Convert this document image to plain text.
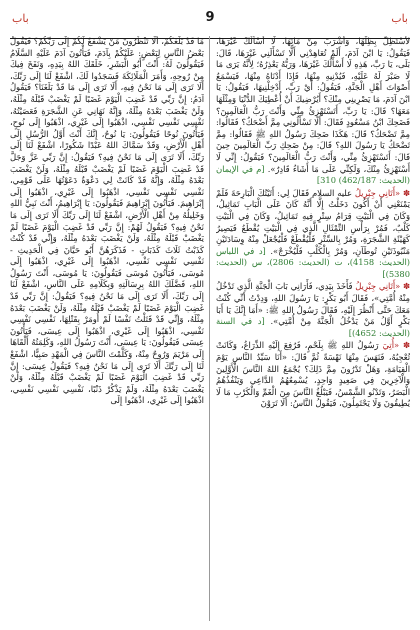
باب
9
باب

لأَسْتَظِلَّ بِظِلِّهَا، وَأَشْرَبَ مِنْ مَائِهَا، لَا أَسْأَلُكَ غَيْرَهَا، فَيَقُولُ: يَا ابْنَ آدَمَ، أَلَمْ تُعَاهِدْنِي أَلَّا تَسْأَلَنِي غَيْرَهَا، قَالَ: بَلَى، يَا رَبِّ، هَذِهِ لَا أَسْأَلُكَ غَيْرَهَا، وَرَبُّهُ يَعْذِرُهُ؛ لِأَنَّهُ يَرَى مَا لَا صَبْرَ لَهُ عَلَيْهِ، فَيُدْنِيهِ مِنْهَا، فَإِذَا أَدْنَاهُ مِنْهَا، فَيَسْمَعُ أَصْوَاتَ أَهْلِ الْجَنَّةِ، فَيَقُولُ: أَيْ رَبِّ، أَدْخِلْنِيهَا، فَيَقُولُ: يَا ابْنَ آدَمَ، مَا يَصْرِينِي مِنْكَ؟ أَيُرْضِيكَ أَنْ أُعْطِيَكَ الدُّنْيَا وَمِثْلَهَا مَعَهَا؟ قَالَ: يَا رَبِّ، أَتَسْتَهْزِئُ مِنِّي وَأَنْتَ رَبُّ الْعَالَمِينَ؟ فَضَحِكَ ابْنُ مَسْعُودٍ فَقَالَ: أَلَا تَسْأَلُونِي مِمَّ أَضْحَكُ؟ فَقَالُوا: مِمَّ تَضْحَكُ؟ قَالَ: هَكَذَا ضَحِكَ رَسُولُ اللهِ ﷺ فَقَالُوا: مِمَّ تَضْحَكُ يَا رَسُولَ اللهِ؟ قَالَ: مِنْ ضَحِكِ رَبِّ الْعَالَمِينَ حِينَ قَالَ: أَتَسْتَهْزِئُ مِنِّي، وَأَنْتَ رَبُّ الْعَالَمِينَ؟ فَيَقُولُ: إِنِّي لَا أَسْتَهْزِئُ مِنْكَ، وَلَكِنِّي عَلَى مَا أَشَاءُ قَادِرٌ». [م في الإيمان (الحديث: 462/187) 310]

✽ «أَتَانِي جِبْرِيلُ عليه السلام فَقَالَ لِي: أَتَيْتُكَ الْبَارِحَةَ فَلَمْ يَمْنَعْنِي أَنْ أَكُونَ دَخَلْتُ إِلَّا أَنَّهُ كَانَ عَلَى الْبَابِ تَمَاثِيلُ، وَكَانَ فِي الْبَيْتِ قِرَامُ سِتْرٍ فِيهِ تَمَاثِيلُ، وَكَانَ فِي الْبَيْتِ كَلْبٌ، فَمُرْ بِرَأْسِ التِّمْثَالِ الَّذِي فِي الْبَيْتِ يُقْطَعُ فَيَصِيرُ كَهَيْئَةِ الشَّجَرَةِ، وَمُرْ بِالسِّتْرِ فَلْيُقْطَعْ فَلْيُجْعَلْ مِنْهُ وِسَادَتَيْنِ مَنْبُوذَتَيْنِ تُوطَآنِ، وَمُرْ بِالْكَلْبِ فَلْيُخْرَجْ». [د في اللباس (الحديث: 4158)، ت (الحديث: 2806)، س (الحديث: 5380)]

✽ «أَتَانِي جِبْرِيلُ فَأَخَذَ بِيَدِي، فَأَرَانِي بَابَ الْجَنَّةِ الَّذِي تَدْخُلُ مِنْهُ أُمَّتِي»، فَقَالَ أَبُو بَكْرٍ: يَا رَسُولَ اللهِ، وَدِدْتُ أَنِّي كُنْتُ مَعَكَ حَتَّى أَنْظُرَ إِلَيْهِ، فَقَالَ رَسُولُ اللهِ ﷺ: «أَمَا إِنَّكَ يَا أَبَا بَكْرٍ أَوَّلُ مَنْ يَدْخُلُ الْجَنَّةَ مِنْ أُمَّتِي». [د في السنة (الحديث: 4652)]

✽ «أُتِيَ رَسُولُ اللهِ ﷺ بِلَحْمٍ، فَرُفِعَ إِلَيْهِ الذِّرَاعُ، وَكَانَتْ تُعْجِبُهُ، فَنَهَسَ مِنْهَا نَهْسَةً ثُمَّ قَالَ: «أَنَا سَيِّدُ النَّاسِ يَوْمَ الْقِيَامَةِ، وَهَلْ تَدْرُونَ مِمَّ ذَلِكَ؟ يُجْمَعُ اللهُ النَّاسَ الْأَوَّلِينَ وَالْآخِرِينَ فِي صَعِيدٍ وَاحِدٍ، يُسْمِعُهُمُ الدَّاعِي وَيَنْفُذُهُمُ الْبَصَرُ، وَتَدْنُو الشَّمْسُ، فَيَبْلُغُ النَّاسَ مِنَ الْغَمِّ وَالْكَرْبِ مَا لَا يُطِيقُونَ وَلَا يَحْتَمِلُونَ، فَيَقُولُ النَّاسُ: أَلَا تَرَوْنَ

مَا قَدْ بَلَغَكُمْ، أَلَا تَنْظُرُونَ مَنْ يَشْفَعُ لَكُمْ إِلَى رَبِّكُمْ؟ فَيَقُولُ بَعْضُ النَّاسِ لِبَعْضٍ: عَلَيْكُمْ بِآدَمَ، فَيَأْتُونَ آدَمَ عَلَيْهِ السَّلَامُ فَيَقُولُونَ لَهُ: أَنْتَ أَبُو الْبَشَرِ، خَلَقَكَ اللهُ بِيَدِهِ، وَنَفَخَ فِيكَ مِنْ رُوحِهِ، وَأَمَرَ الْمَلَائِكَةَ فَسَجَدُوا لَكَ، اشْفَعْ لَنَا إِلَى رَبِّكَ، أَلَا تَرَى إِلَى مَا نَحْنُ فِيهِ، أَلَا تَرَى إِلَى مَا قَدْ بَلَغَنَا؟ فَيَقُولُ آدَمُ: إِنَّ رَبِّي قَدْ غَضِبَ الْيَوْمَ غَضَبًا لَمْ يَغْضَبْ قَبْلَهُ مِثْلَهُ، وَلَنْ يَغْضَبَ بَعْدَهُ مِثْلَهُ، وَإِنَّهُ نَهَانِي عَنِ الشَّجَرَةِ فَعَصَيْتُهُ، نَفْسِي نَفْسِي نَفْسِي، اذْهَبُوا إِلَى غَيْرِي، اذْهَبُوا إِلَى نُوحٍ، فَيَأْتُونَ نُوحًا فَيَقُولُونَ: يَا نُوحُ، إِنَّكَ أَنْتَ أَوَّلُ الرُّسُلِ إِلَى أَهْلِ الْأَرْضِ، وَقَدْ سَمَّاكَ اللهُ عَبْدًا شَكُورًا، اشْفَعْ لَنَا إِلَى رَبِّكَ، أَلَا تَرَى إِلَى مَا نَحْنُ فِيهِ؟ فَيَقُولُ: إِنَّ رَبِّي عَزَّ وَجَلَّ قَدْ غَضِبَ الْيَوْمَ غَضَبًا لَمْ يَغْضَبْ قَبْلَهُ مِثْلَهُ، وَلَنْ يَغْضَبَ بَعْدَهُ مِثْلَهُ، وَإِنَّهُ قَدْ كَانَتْ لِي دَعْوَةٌ دَعَوْتُهَا عَلَى قَوْمِي، نَفْسِي نَفْسِي نَفْسِي، اذْهَبُوا إِلَى غَيْرِي، اذْهَبُوا إِلَى إِبْرَاهِيمَ. فَيَأْتُونَ إِبْرَاهِيمَ فَيَقُولُونَ: يَا إِبْرَاهِيمُ، أَنْتَ نَبِيُّ اللهِ وَخَلِيلُهُ مِنْ أَهْلِ الْأَرْضِ، اشْفَعْ لَنَا إِلَى رَبِّكَ أَلَا تَرَى إِلَى مَا نَحْنُ فِيهِ؟ فَيَقُولُ لَهُمْ: إِنَّ رَبِّي قَدْ غَضِبَ الْيَوْمَ غَضَبًا لَمْ يَغْضَبْ قَبْلَهُ مِثْلَهُ، وَلَنْ يَغْضَبَ بَعْدَهُ مِثْلَهُ، وَإِنِّي قَدْ كُنْتُ كَذَبْتُ ثَلَاثَ كَذَبَاتٍ - فَذَكَرَهُنَّ أَبُو حَيَّانَ فِي الْحَدِيثِ - نَفْسِي نَفْسِي نَفْسِي، اذْهَبُوا إِلَى غَيْرِي، اذْهَبُوا إِلَى مُوسَى، فَيَأْتُونَ مُوسَى فَيَقُولُونَ: يَا مُوسَى، أَنْتَ رَسُولُ اللهِ، فَضَّلَكَ اللهُ بِرِسَالَتِهِ وَبِكَلَامِهِ عَلَى النَّاسِ، اشْفَعْ لَنَا إِلَى رَبِّكَ، أَلَا تَرَى إِلَى مَا نَحْنُ فِيهِ؟ فَيَقُولُ: إِنَّ رَبِّي قَدْ غَضِبَ الْيَوْمَ غَضَبًا لَمْ يَغْضَبْ قَبْلَهُ مِثْلَهُ، وَلَنْ يَغْضَبَ بَعْدَهُ مِثْلَهُ، وَإِنِّي قَدْ قَتَلْتُ نَفْسًا لَمْ أُومَرْ بِقَتْلِهَا، نَفْسِي نَفْسِي نَفْسِي، اذْهَبُوا إِلَى غَيْرِي، اذْهَبُوا إِلَى عِيسَى، فَيَأْتُونَ عِيسَى فَيَقُولُونَ: يَا عِيسَى، أَنْتَ رَسُولُ اللهِ، وَكَلِمَتُهُ أَلْقَاهَا إِلَى مَرْيَمَ وَرُوحٌ مِنْهُ، وَكَلَّمْتَ النَّاسَ فِي الْمَهْدِ صَبِيًّا، اشْفَعْ لَنَا إِلَى رَبِّكَ أَلَا تَرَى إِلَى مَا نَحْنُ فِيهِ؟ فَيَقُولُ عِيسَى: إِنَّ رَبِّي قَدْ غَضِبَ الْيَوْمَ غَضَبًا لَمْ يَغْضَبْ قَبْلَهُ مِثْلَهُ، وَلَنْ يَغْضَبَ بَعْدَهُ مِثْلَهُ، وَلَمْ يَذْكُرْ ذَنْبًا، نَفْسِي نَفْسِي نَفْسِي، اذْهَبُوا إِلَى غَيْرِي، اذْهَبُوا إِلَى
